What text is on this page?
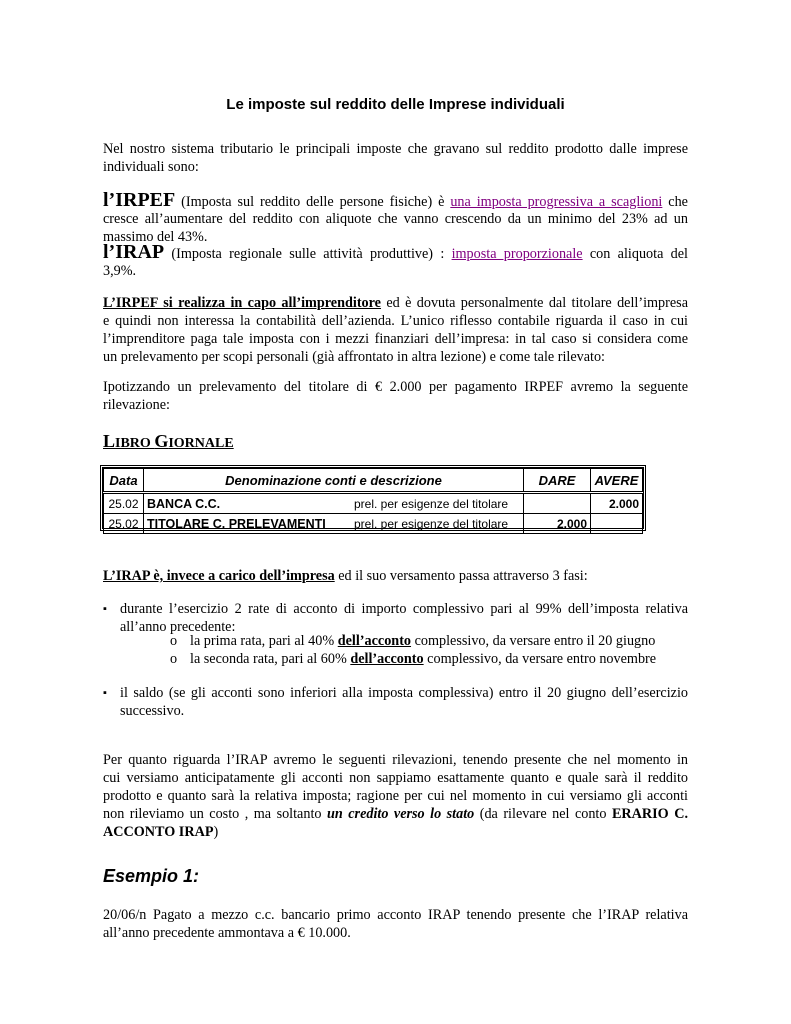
Le imposte sul reddito delle Imprese individuali
Nel nostro sistema tributario le principali imposte che gravano sul reddito prodotto dalle imprese
individuali sono:
l’IRPEF (Imposta sul reddito delle persone fisiche) è una imposta progressiva a scaglioni che
cresce all’aumentare del reddito con aliquote che vanno crescendo da un minimo del 23% ad un
massimo del 43%.
l’IRAP (Imposta regionale sulle attività produttive) : imposta proporzionale con aliquota del
3,9%.
L’IRPEF si realizza in capo all’imprenditore ed è dovuta personalmente dal titolare dell’impresa
e quindi non interessa la contabilità dell’azienda. L’unico riflesso contabile riguarda il caso in cui
l’imprenditore paga tale imposta con i mezzi finanziari dell’impresa: in tal caso si considera come
un prelevamento per scopi personali (già affrontato in altra lezione) e come tale rilevato:
Ipotizzando un prelevamento del titolare di € 2.000 per pagamento IRPEF avremo la seguente
rilevazione:
LIBRO GIORNALE
Data	Denominazione conti e descrizione		DARE	AVERE
25.02	BANCA C.C.	prel. per esigenze del titolare		2.000
25.02	TITOLARE C. PRELEVAMENTI	prel. per esigenze del titolare	2.000	
L’IRAP è, invece a carico dell’impresa ed il suo versamento passa attraverso 3 fasi:
▪ durante l’esercizio 2 rate di acconto di importo complessivo pari al 99% dell’imposta relativa
all’anno precedente:
o la prima rata, pari al 40% dell’acconto complessivo, da versare entro il 20 giugno
o la seconda rata, pari al 60% dell’acconto complessivo, da versare entro novembre
▪ il saldo (se gli acconti sono inferiori alla imposta complessiva) entro il 20 giugno dell’esercizio
successivo.
Per quanto riguarda l’IRAP avremo le seguenti rilevazioni, tenendo presente che nel momento in
cui versiamo anticipatamente gli acconti non sappiamo esattamente quanto e quale sarà il reddito
prodotto e quanto sarà la relativa imposta; ragione per cui nel momento in cui versiamo gli acconti
non rileviamo un costo , ma soltanto un credito verso lo stato (da rilevare nel conto ERARIO C.
ACCONTO IRAP)
Esempio 1:
20/06/n Pagato a mezzo c.c. bancario primo acconto IRAP tenendo presente che l’IRAP relativa
all’anno precedente ammontava a € 10.000.
